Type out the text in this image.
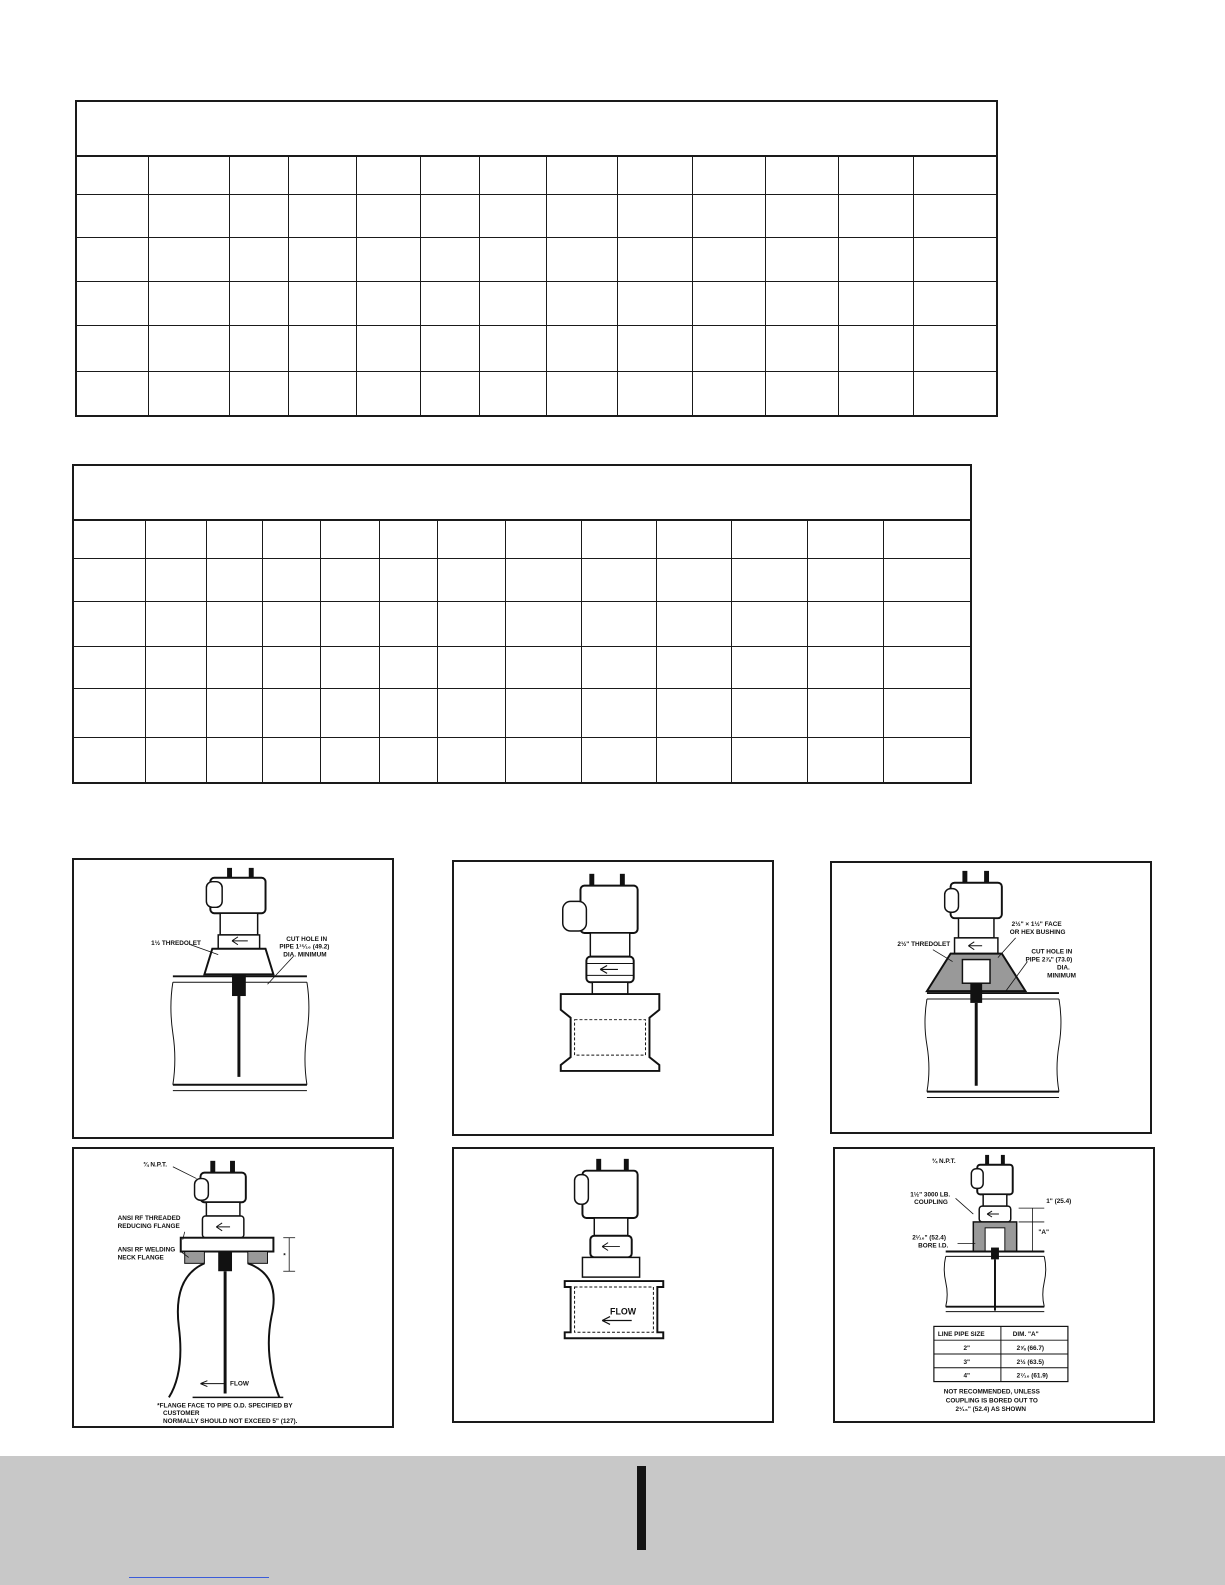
1½ THREDOLET
CUT HOLE IN
PIPE 1¹⁵⁄₁₆ (49.2)
DIA. MINIMUM
2½" × 1½" FACE
OR HEX BUSHING
2½" THREDOLET
CUT HOLE IN
PIPE 2⅞" (73.0)
DIA.
MINIMUM
¾ N.P.T.
ANSI RF THREADED
REDUCING FLANGE
ANSI RF WELDING
NECK FLANGE	*
FLOW
*FLANGE FACE TO PIPE O.D. SPECIFIED BY
CUSTOMER
NORMALLY SHOULD NOT EXCEED 5" (127).
FLOW
¾ N.P.T.
1½" 3000 LB.
COUPLING	1" (25.4)
"A"
2¹⁄₁₆" (52.4)
BORE I.D.
LINE PIPE SIZE	DIM. "A"
2"	2⅝ (66.7)
3"	2½ (63.5)
4"	2⁷⁄₁₆ (61.9)
NOT RECOMMENDED, UNLESS
COUPLING IS BORED OUT TO
2¹⁄₁₆" (52.4) AS SHOWN
